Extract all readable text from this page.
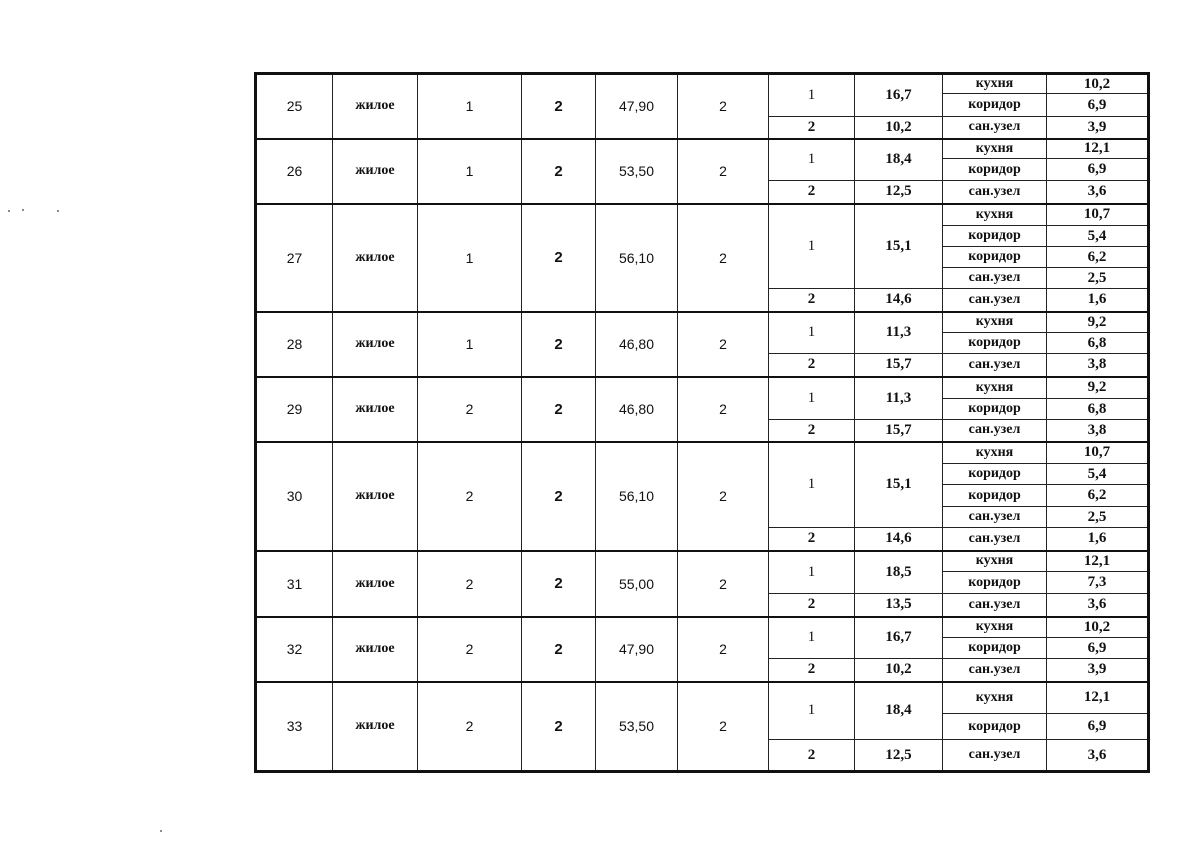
25	жилое	1	2	47,90	2	1	16,7	кухня	10,2
								коридор	6,9
						2	10,2	сан.узел	3,9
26	жилое	1	2	53,50	2	1	18,4	кухня	12,1
								коридор	6,9
						2	12,5	сан.узел	3,6
27	жилое	1	2	56,10	2	1	15,1	кухня	10,7
								коридор	5,4
								коридор	6,2
								сан.узел	2,5
						2	14,6	сан.узел	1,6
28	жилое	1	2	46,80	2	1	11,3	кухня	9,2
								коридор	6,8
						2	15,7	сан.узел	3,8
29	жилое	2	2	46,80	2	1	11,3	кухня	9,2
								коридор	6,8
						2	15,7	сан.узел	3,8
30	жилое	2	2	56,10	2	1	15,1	кухня	10,7
								коридор	5,4
								коридор	6,2
								сан.узел	2,5
						2	14,6	сан.узел	1,6
31	жилое	2	2	55,00	2	1	18,5	кухня	12,1
								коридор	7,3
						2	13,5	сан.узел	3,6
32	жилое	2	2	47,90	2	1	16,7	кухня	10,2
								коридор	6,9
						2	10,2	сан.узел	3,9
33	жилое	2	2	53,50	2	1	18,4	кухня	12,1
								коридор	6,9
						2	12,5	сан.узел	3,6
